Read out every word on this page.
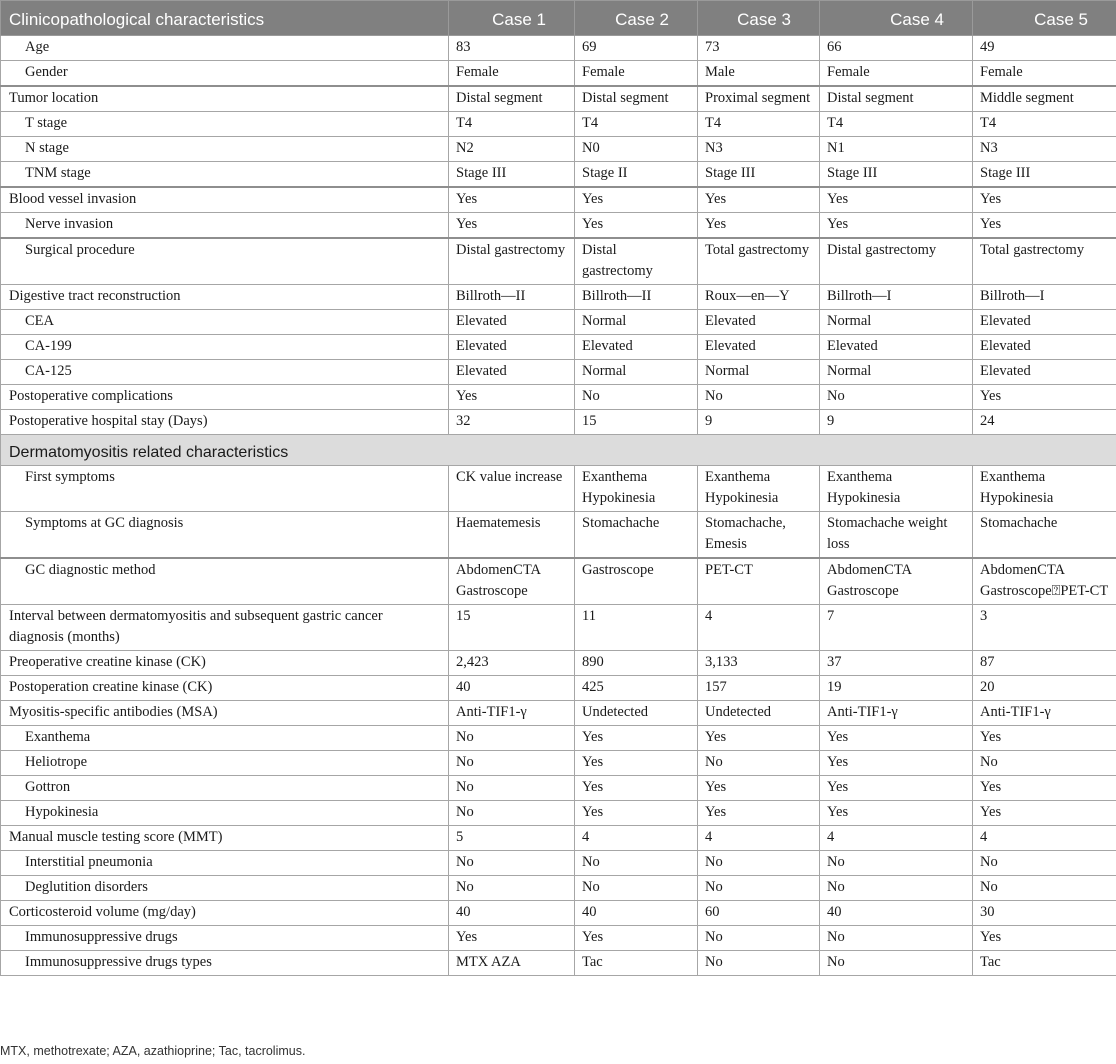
Clinicopathological characteristics	Case 1	Case 2	Case 3	Case 4	Case 5
Age	83	69	73	66	49
Gender	Female	Female	Male	Female	Female
Tumor location	Distal segment	Distal segment	Proximal segment	Distal segment	Middle segment
T stage	T4	T4	T4	T4	T4
N stage	N2	N0	N3	N1	N3
TNM stage	Stage III	Stage II	Stage III	Stage III	Stage III
Blood vessel invasion	Yes	Yes	Yes	Yes	Yes
Nerve invasion	Yes	Yes	Yes	Yes	Yes
Surgical procedure	Distal gastrectomy	Distal gastrectomy	Total gastrectomy	Distal gastrectomy	Total gastrectomy
Digestive tract reconstruction	Billroth—II	Billroth—II	Roux—en—Y	Billroth—I	Billroth—I
CEA	Elevated	Normal	Elevated	Normal	Elevated
CA-199	Elevated	Elevated	Elevated	Elevated	Elevated
CA-125	Elevated	Normal	Normal	Normal	Elevated
Postoperative complications	Yes	No	No	No	Yes
Postoperative hospital stay (Days)	32	15	9	9	24
Dermatomyositis related characteristics					
First symptoms	CK value increase	Exanthema Hypokinesia	Exanthema Hypokinesia	Exanthema Hypokinesia	Exanthema Hypokinesia
Symptoms at GC diagnosis	Haematemesis	Stomachache	Stomachache, Emesis	Stomachache weight loss	Stomachache
GC diagnostic method	AbdomenCTA Gastroscope	Gastroscope	PET-CT	AbdomenCTA Gastroscope	AbdomenCTA Gastroscope⍰PET-CT
Interval between dermatomyositis and subsequent gastric cancer diagnosis (months)	15	11	4	7	3
Preoperative creatine kinase (CK)	2,423	890	3,133	37	87
Postoperation creatine kinase (CK)	40	425	157	19	20
Myositis-specific antibodies (MSA)	Anti-TIF1-γ	Undetected	Undetected	Anti-TIF1-γ	Anti-TIF1-γ
Exanthema	No	Yes	Yes	Yes	Yes
Heliotrope	No	Yes	No	Yes	No
Gottron	No	Yes	Yes	Yes	Yes
Hypokinesia	No	Yes	Yes	Yes	Yes
Manual muscle testing score (MMT)	5	4	4	4	4
Interstitial pneumonia	No	No	No	No	No
Deglutition disorders	No	No	No	No	No
Corticosteroid volume (mg/day)	40	40	60	40	30
Immunosuppressive drugs	Yes	Yes	No	No	Yes
Immunosuppressive drugs types	MTX AZA	Tac	No	No	Tac
MTX, methotrexate; AZA, azathioprine; Tac, tacrolimus.
